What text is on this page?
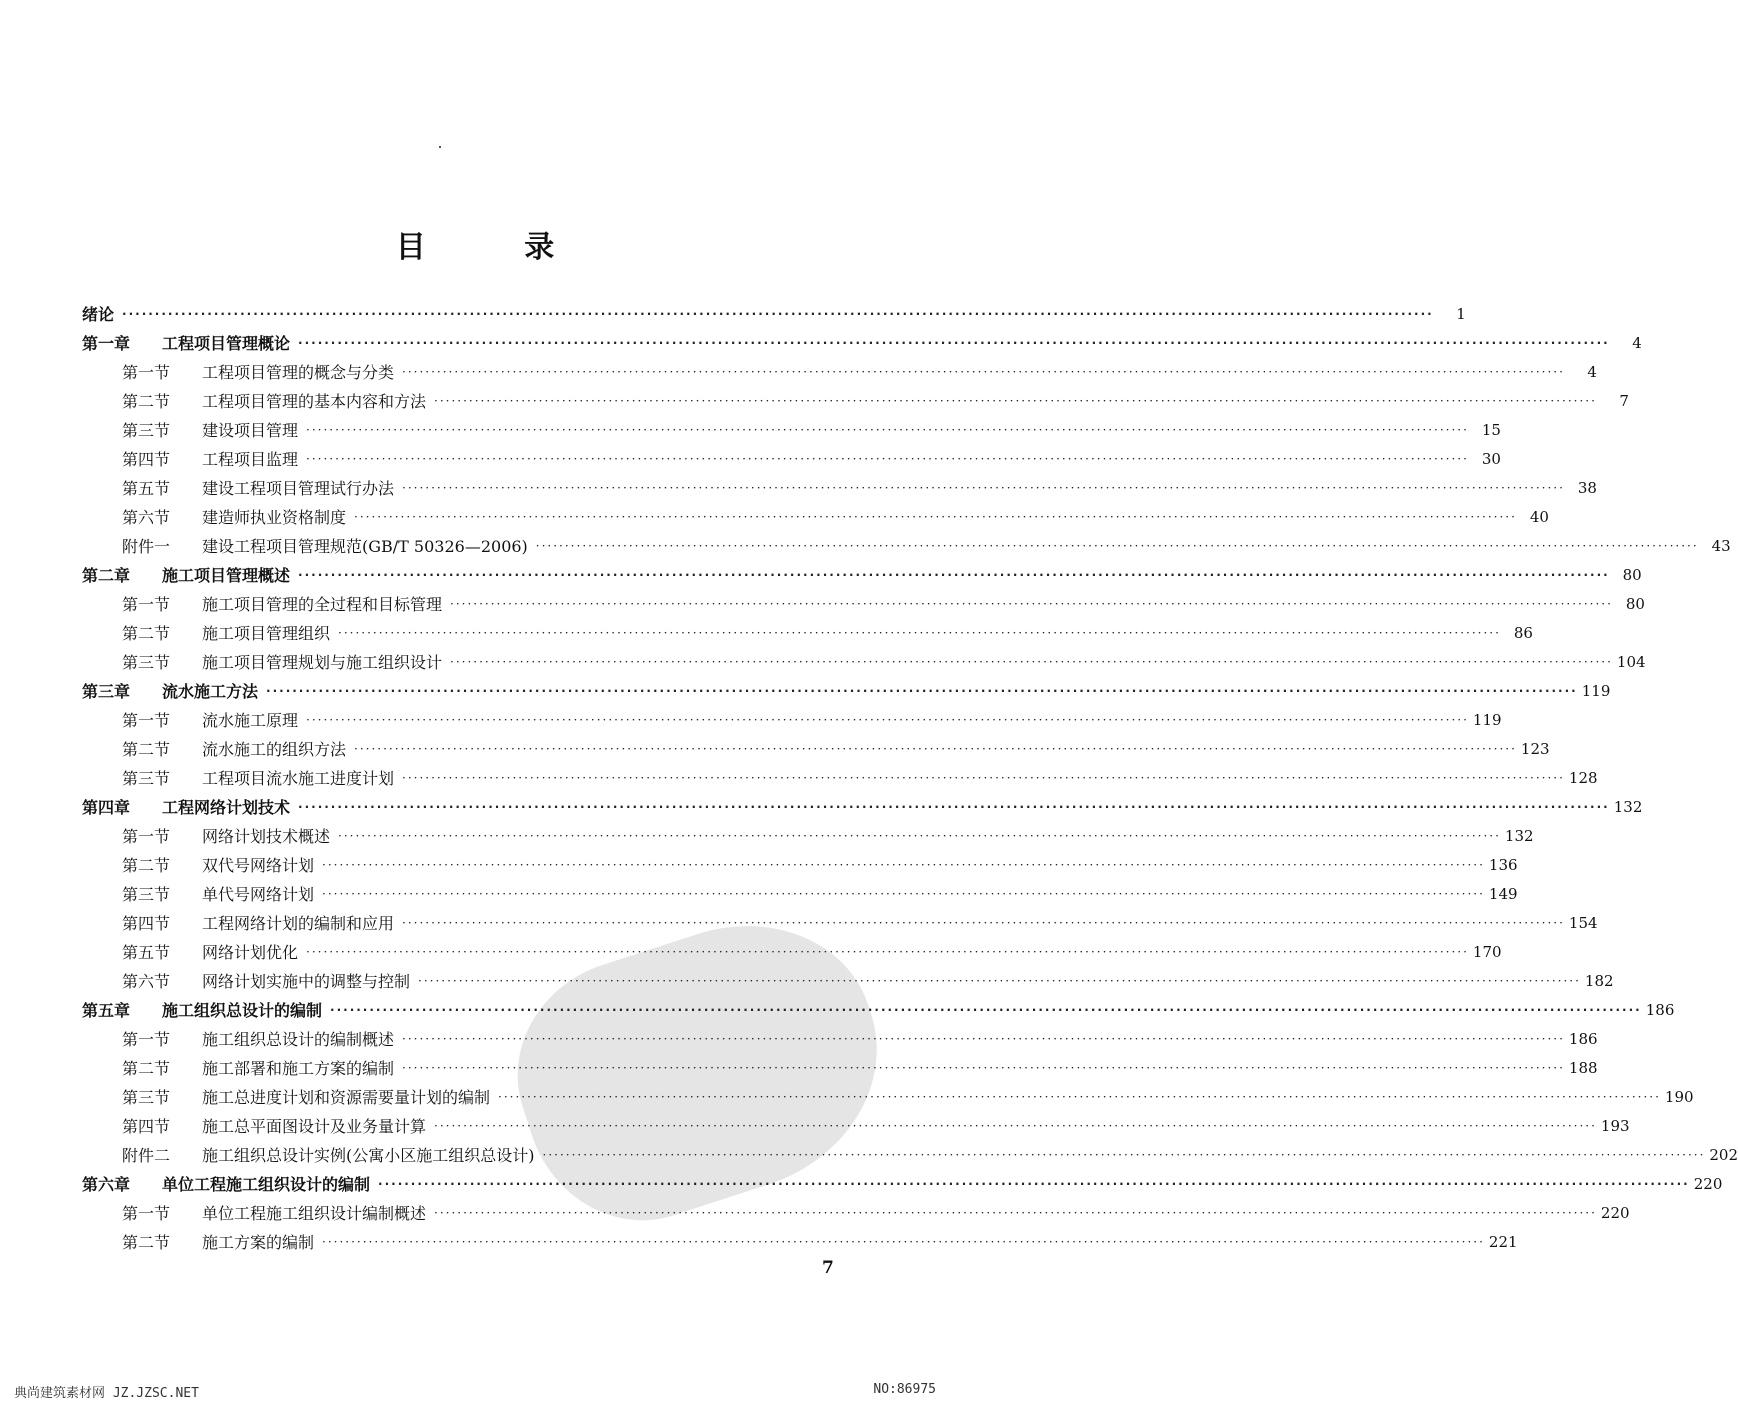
目 录
绪论 ········································································································································································································	1
第一章	工程项目管理概论 ········································································································································································································	4
第一节	工程项目管理的概念与分类 ········································································································································································································	4
第二节	工程项目管理的基本内容和方法 ········································································································································································································	7
第三节	建设项目管理 ········································································································································································································ 15
第四节	工程项目监理 ········································································································································································································ 30
第五节	建设工程项目管理试行办法 ········································································································································································································ 38
第六节	建造师执业资格制度 ········································································································································································································ 40
附件一	建设工程项目管理规范(GB/T 50326—2006) ········································································································································································································ 43
第二章	施工项目管理概述 ········································································································································································································ 80
第一节	施工项目管理的全过程和目标管理 ········································································································································································································ 80
第二节	施工项目管理组织 ········································································································································································································ 86
第三节	施工项目管理规划与施工组织设计 ········································································································································································································ 104
第三章	流水施工方法 ········································································································································································································ 119
第一节	流水施工原理 ········································································································································································································ 119
第二节	流水施工的组织方法 ········································································································································································································ 123
第三节	工程项目流水施工进度计划 ········································································································································································································ 128
第四章	工程网络计划技术 ········································································································································································································ 132
第一节	网络计划技术概述 ········································································································································································································ 132
第二节	双代号网络计划 ········································································································································································································ 136
第三节	单代号网络计划 ········································································································································································································ 149
第四节	工程网络计划的编制和应用 ········································································································································································································ 154
第五节	网络计划优化 ········································································································································································································ 170
第六节	网络计划实施中的调整与控制 ········································································································································································································ 182
第五章	施工组织总设计的编制 ········································································································································································································ 186
第一节	施工组织总设计的编制概述 ········································································································································································································ 186
第二节	施工部署和施工方案的编制 ········································································································································································································ 188
第三节	施工总进度计划和资源需要量计划的编制 ········································································································································································································ 190
第四节	施工总平面图设计及业务量计算 ········································································································································································································ 193
附件二	施工组织总设计实例(公寓小区施工组织总设计) ········································································································································································································ 202
第六章	单位工程施工组织设计的编制 ········································································································································································································ 220
第一节	单位工程施工组织设计编制概述 ········································································································································································································ 220
第二节	施工方案的编制 ········································································································································································································ 221
7
典尚建筑素材网 JZ.JZSC.NET	NO:86975
